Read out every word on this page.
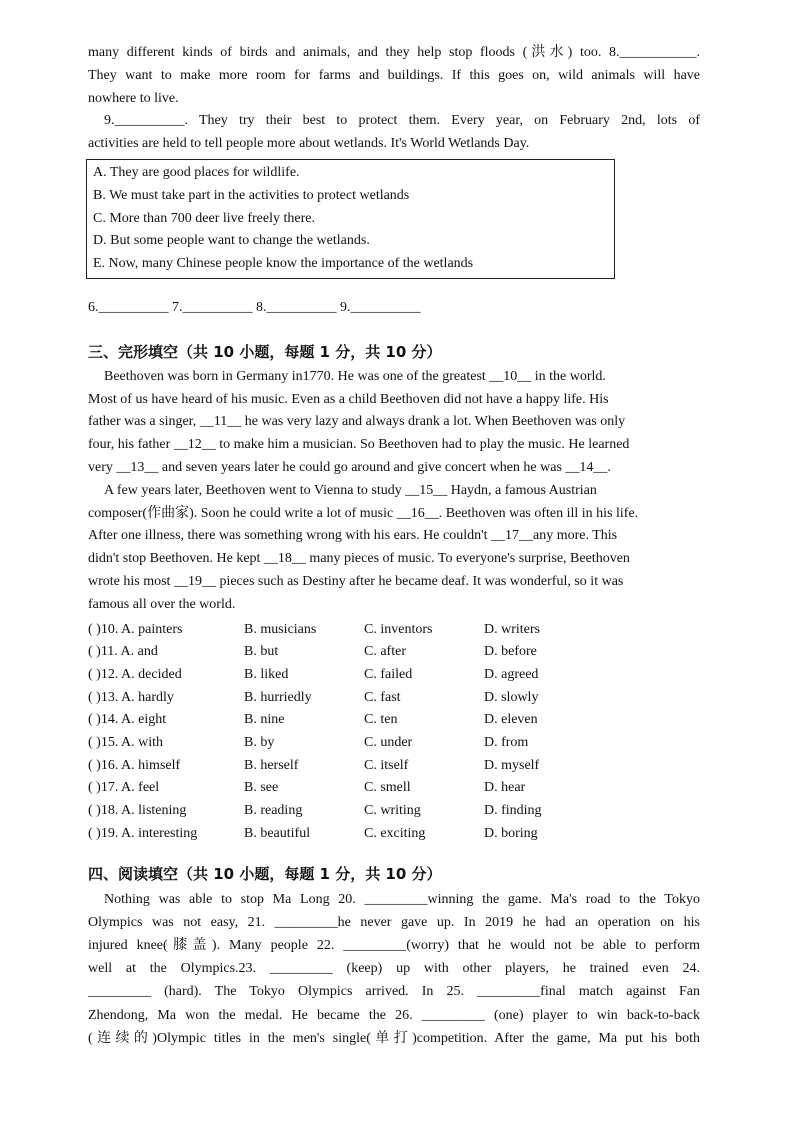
many different kinds of birds and animals, and they help stop floods (洪水) too. 8.___________.
They want to make more room for farms and buildings. If this goes on, wild animals will have
nowhere to live.
9.__________. They try their best to protect them. Every year, on February 2nd, lots of
activities are held to tell people more about wetlands. It's World Wetlands Day.
A. They are good places for wildlife.
B. We must take part in the activities to protect wetlands
C. More than 700 deer live freely there.
D. But some people want to change the wetlands.
E. Now, many Chinese people know the importance of the wetlands
6.__________ 7.__________ 8.__________ 9.__________
三、完形填空（共 10 小题，每题 1 分，共 10 分）
Beethoven was born in Germany in1770. He was one of the greatest __10__ in the world.
Most of us have heard of his music. Even as a child Beethoven did not have a happy life. His
father was a singer, __11__ he was very lazy and always drank a lot. When Beethoven was only
four, his father __12__ to make him a musician. So Beethoven had to play the music. He learned
very __13__ and seven years later he could go around and give concert when he was __14__.
A few years later, Beethoven went to Vienna to study __15__ Haydn, a famous Austrian
composer(作曲家). Soon he could write a lot of music __16__. Beethoven was often ill in his life.
After one illness, there was something wrong with his ears. He couldn't __17__any more. This
didn't stop Beethoven. He kept __18__ many pieces of music. To everyone's surprise, Beethoven
wrote his most __19__ pieces such as Destiny after he became deaf. It was wonderful, so it was
famous all over the world.
( )10. A. painters	B. musicians	C. inventors	D. writers
( )11. A. and	B. but	C. after	D. before
( )12. A. decided	B. liked	C. failed	D. agreed
( )13. A. hardly	B. hurriedly	C. fast	D. slowly
( )14. A. eight	B. nine	C. ten	D. eleven
( )15. A. with	B. by	C. under	D. from
( )16. A. himself	B. herself	C. itself	D. myself
( )17. A. feel	B. see	C. smell	D. hear
( )18. A. listening	B. reading	C. writing	D. finding
( )19. A. interesting	B. beautiful	C. exciting	D. boring
四、阅读填空（共 10 小题，每题 1 分，共 10 分）
Nothing was able to stop Ma Long 20. _________winning the game. Ma's road to the Tokyo
Olympics was not easy, 21. _________he never gave up. In 2019 he had an operation on his
injured knee(膝盖). Many people 22. _________(worry) that he would not be able to perform
well at the Olympics.23. _________ (keep) up with other players, he trained even 24.
_________ (hard). The Tokyo Olympics arrived. In 25. _________final match against Fan
Zhendong, Ma won the medal. He became the 26. _________ (one) player to win back-to-back
(连续的)Olympic titles in the men's single(单打)competition. After the game, Ma put his both
